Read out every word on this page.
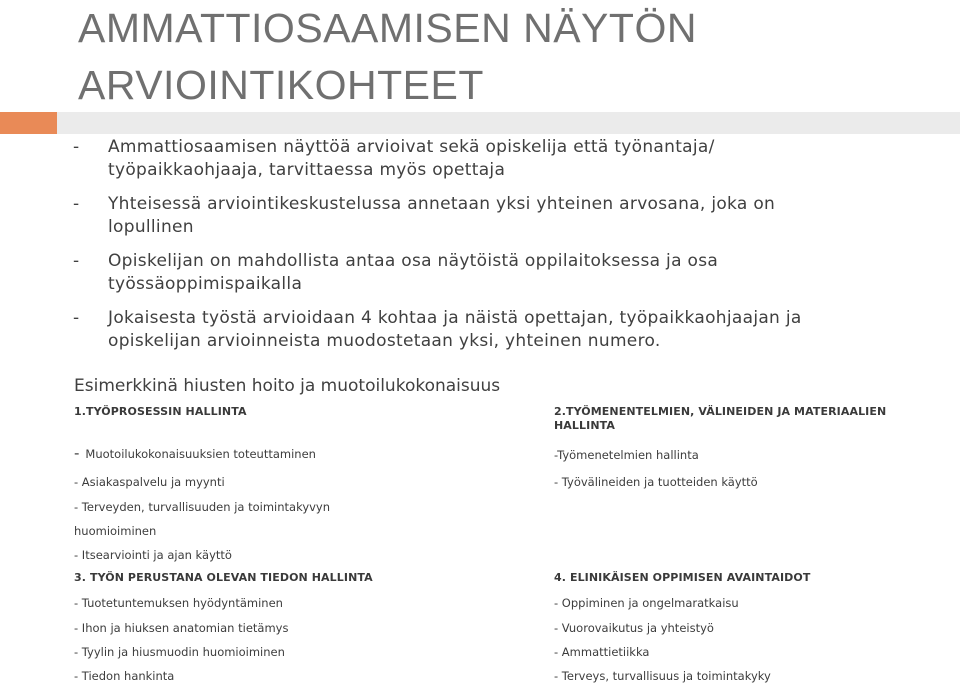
AMMATTIOSAAMISEN NÄYTÖN
ARVIOINTIKOHTEET
- Ammattiosaamisen näyttöä arvioivat sekä opiskelija että työnantaja/
työpaikkaohjaaja, tarvittaessa myös opettaja
- Yhteisessä arviointikeskustelussa annetaan yksi yhteinen arvosana, joka on
lopullinen
- Opiskelijan on mahdollista antaa osa näytöistä oppilaitoksessa ja osa
työssäoppimispaikalla
- Jokaisesta työstä arvioidaan 4 kohtaa ja näistä opettajan, työpaikkaohjaajan ja
opiskelijan arvioinneista muodostetaan yksi, yhteinen numero.
Esimerkkinä hiusten hoito ja muotoilukokonaisuus
1.TYÖPROSESSIN HALLINTA
- Muotoilukokonaisuuksien toteuttaminen
- Asiakaspalvelu ja myynti
- Terveyden, turvallisuuden ja toimintakyvyn
huomioiminen
- Itsearviointi ja ajan käyttö
2.TYÖMENENTELMIEN, VÄLINEIDEN JA MATERIAALIEN
HALLINTA
-Työmenetelmien hallinta
- Työvälineiden ja tuotteiden käyttö
3. TYÖN PERUSTANA OLEVAN TIEDON HALLINTA
- Tuotetuntemuksen hyödyntäminen
- Ihon ja hiuksen anatomian tietämys
- Tyylin ja hiusmuodin huomioiminen
- Tiedon hankinta
4. ELINIKÄISEN OPPIMISEN AVAINTAIDOT
- Oppiminen ja ongelmaratkaisu
- Vuorovaikutus ja yhteistyö
- Ammattietiikka
- Terveys, turvallisuus ja toimintakyky
